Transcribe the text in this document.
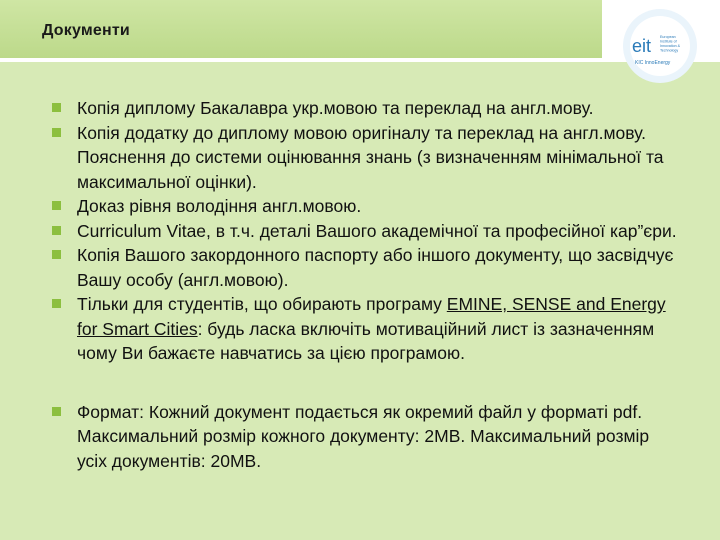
Документи
eit European
Institute of
Innovation &
Technology
KIC InnoEnergy
Копія диплому Бакалавра укр.мовою та переклад на англ.мову.
Копія додатку до диплому мовою оригіналу та переклад на англ.мову. Пояснення до системи оцінювання знань (з визначенням мінімальної та максимальної оцінки).
Доказ рівня володіння англ.мовою.
Curriculum Vitae, в т.ч. деталі Вашого академічної та професійної кар”єри.
Копія Вашого закордонного паспорту або іншого документу, що засвідчує Вашу особу (англ.мовою).
Тільки для студентів, що обирають програму EMINE, SENSE and Energy for Smart Cities: будь ласка включіть мотиваційний лист із зазначенням чому Ви бажаєте навчатись за цією програмою.
Формат: Кожний документ подається як окремий файл у форматі pdf. Максимальний розмір кожного документу: 2MB. Максимальний розмір усіх документів: 20MB.
